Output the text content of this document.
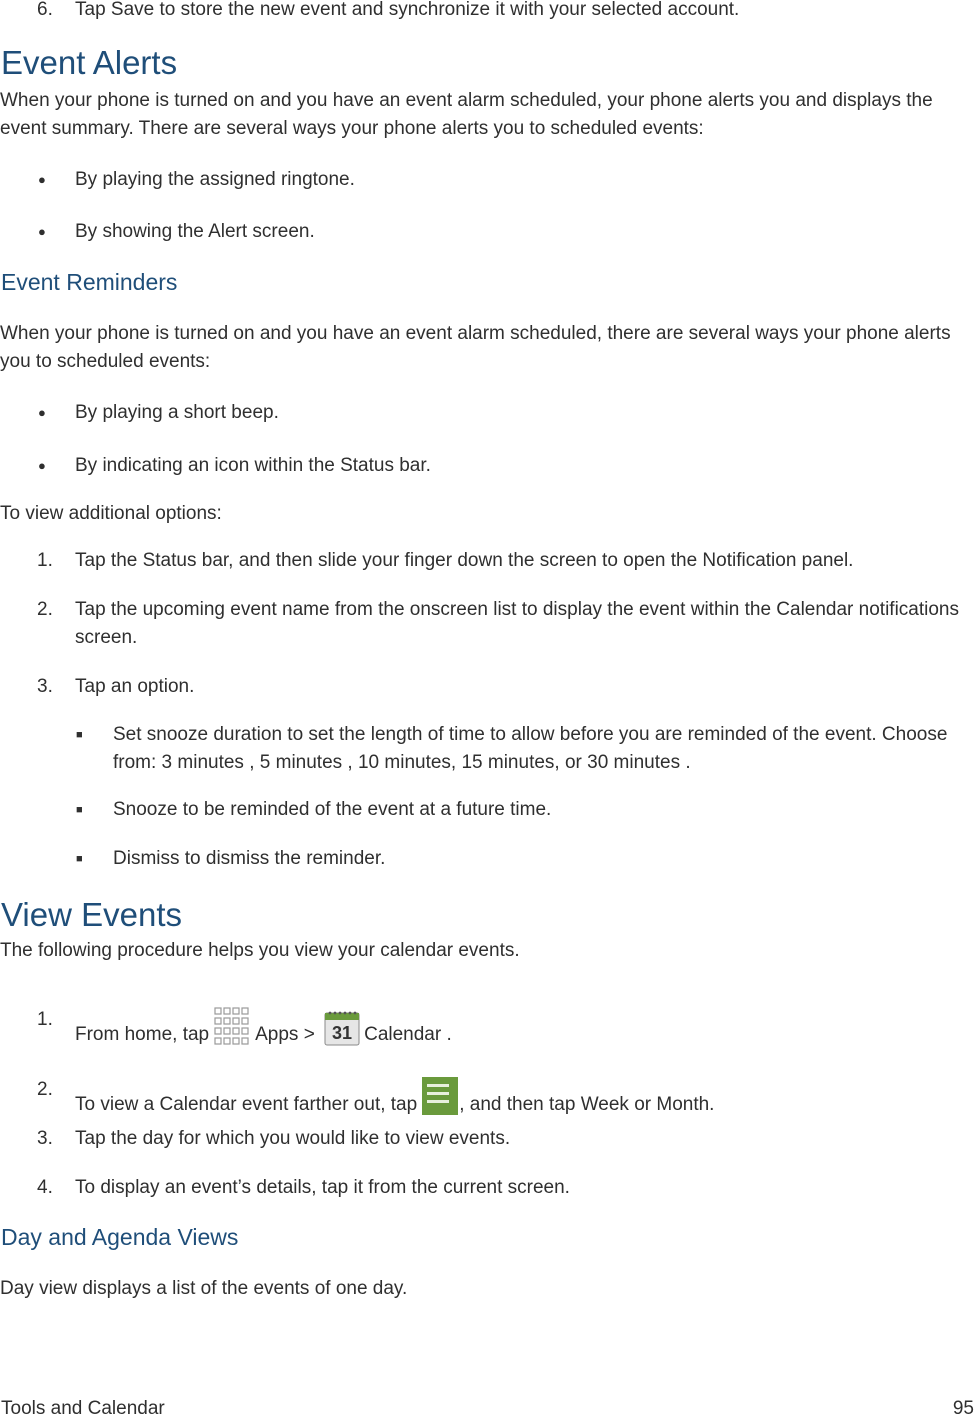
6. Tap Save to store the new event and synchronize it with your selected account.
Event Alerts
When your phone is turned on and you have an event alarm scheduled, your phone alerts you and displays the event summary. There are several ways your phone alerts you to scheduled events:
● By playing the assigned ringtone.
● By showing the Alert screen.
Event Reminders
When your phone is turned on and you have an event alarm scheduled, there are several ways your phone alerts you to scheduled events:
● By playing a short beep.
● By indicating an icon within the Status bar.
To view additional options:
1. Tap the Status bar, and then slide your finger down the screen to open the Notification panel.
2. Tap the upcoming event name from the onscreen list to display the event within the Calendar notifications screen.
3. Tap an option.
■ Set snooze duration to set the length of time to allow before you are reminded of the event. Choose from: 3 minutes , 5 minutes , 10 minutes, 15 minutes, or 30 minutes .
■ Snooze to be reminded of the event at a future time.
■ Dismiss to dismiss the reminder.
View Events
The following procedure helps you view your calendar events.
1.
From home, tap Apps > 31 Calendar .
2.
To view a Calendar event farther out, tap , and then tap Week or Month.
3. Tap the day for which you would like to view events.
4. To display an event’s details, tap it from the current screen.
Day and Agenda Views
Day view displays a list of the events of one day.
Tools and Calendar	95
